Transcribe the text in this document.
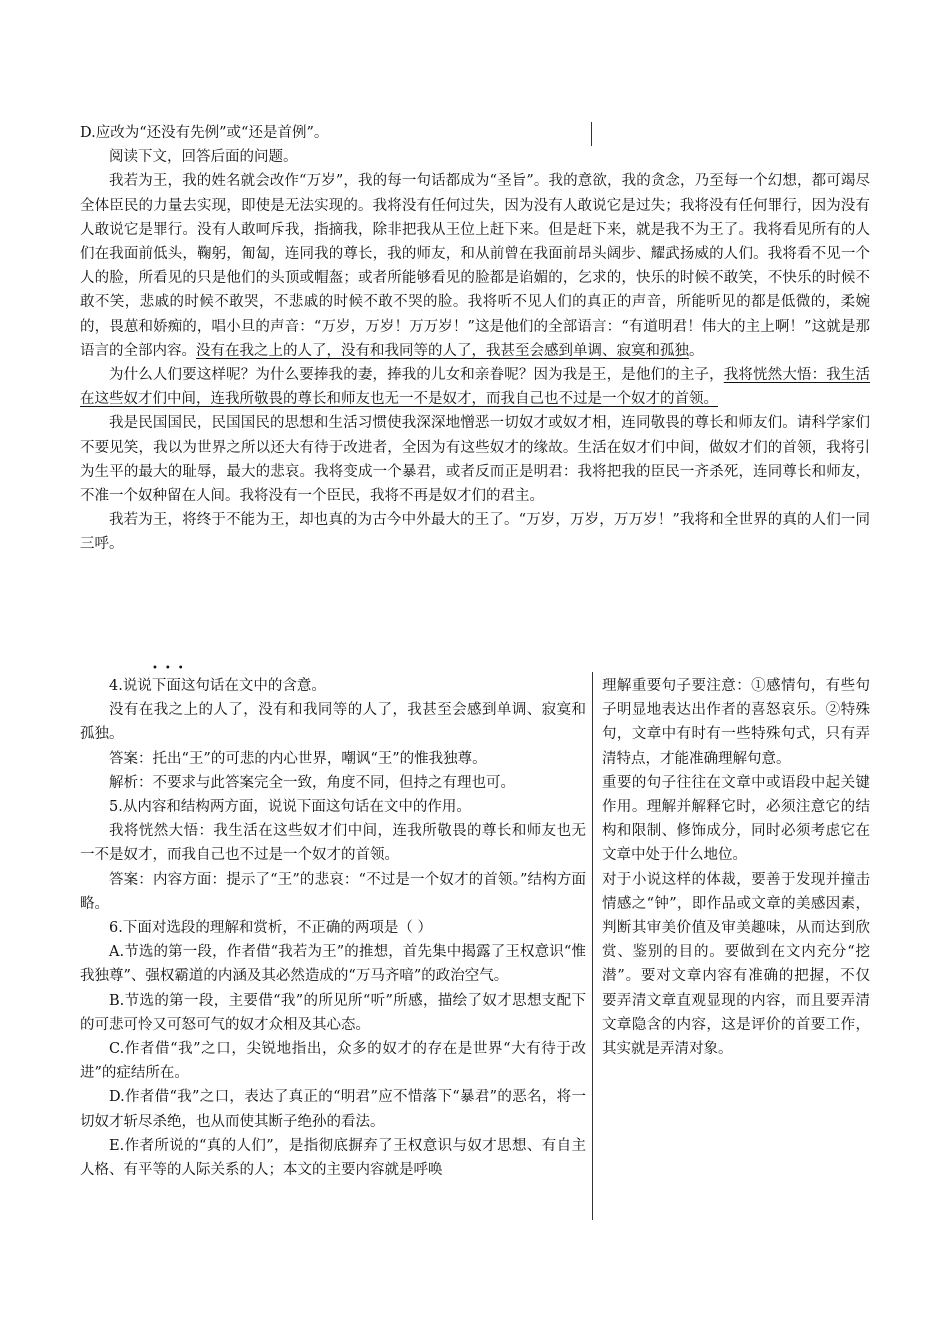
D.应改为“还没有先例”或“还是首例”。

阅读下文，回答后面的问题。

我若为王，我的姓名就会改作“万岁”，我的每一句话都成为“圣旨”。我的意欲，我的贪念，乃至每一个幻想，都可竭尽全体臣民的力量去实现，即使是无法实现的。我将没有任何过失，因为没有人敢说它是过失；我将没有任何罪行，因为没有人敢说它是罪行。没有人敢呵斥我，指摘我，除非把我从王位上赶下来。但是赶下来，就是我不为王了。我将看见所有的人们在我面前低头，鞠躬，匍匐，连同我的尊长，我的师友，和从前曾在我面前昂头阔步、耀武扬威的人们。我将看不见一个人的脸，所看见的只是他们的头顶或帽盔；或者所能够看见的脸都是谄媚的，乞求的，快乐的时候不敢笑，不快乐的时候不敢不笑，悲戚的时候不敢哭，不悲戚的时候不敢不哭的脸。我将听不见人们的真正的声音，所能听见的都是低微的，柔婉的，畏葸和娇痴的，唱小旦的声音：“万岁，万岁！万万岁！”这是他们的全部语言：“有道明君！伟大的主上啊！”这就是那语言的全部内容。没有在我之上的人了，没有和我同等的人了，我甚至会感到单调、寂寞和孤独。

为什么人们要这样呢？为什么要捧我的妻，捧我的儿女和亲眷呢？因为我是王，是他们的主子，我将恍然大悟：我生活在这些奴才们中间，连我所敬畏的尊长和师友也无一不是奴才，而我自己也不过是一个奴才的首领。

我是民国国民，民国国民的思想和生活习惯使我深深地憎恶一切奴才或奴才相，连同敬畏的尊长和师友们。请科学家们不要见笑，我以为世界之所以还大有待于改进者，全因为有这些奴才的缘故。生活在奴才们中间，做奴才们的首领，我将引为生平的最大的耻辱，最大的悲哀。我将变成一个暴君，或者反而正是明君：我将把我的臣民一齐杀死，连同尊长和师友，不准一个奴种留在人间。我将没有一个臣民，我将不再是奴才们的君主。

我若为王，将终于不能为王，却也真的为古今中外最大的王了。“万岁，万岁，万万岁！”我将和全世界的真的人们一同三呼。

•••

4.说说下面这句话在文中的含意。

没有在我之上的人了，没有和我同等的人了，我甚至会感到单调、寂寞和孤独。

答案：托出“王”的可悲的内心世界，嘲讽“王”的惟我独尊。

解析：不要求与此答案完全一致，角度不同，但持之有理也可。

5.从内容和结构两方面，说说下面这句话在文中的作用。

我将恍然大悟：我生活在这些奴才们中间，连我所敬畏的尊长和师友也无一不是奴才，而我自己也不过是一个奴才的首领。

答案：内容方面：提示了“王”的悲哀：“不过是一个奴才的首领。”结构方面略。

6.下面对选段的理解和赏析，不正确的两项是（ ）

A.节选的第一段，作者借“我若为王”的推想，首先集中揭露了王权意识“惟我独尊”、强权霸道的内涵及其必然造成的“万马齐喑”的政治空气。

B.节选的第一段，主要借“我”的所见所“听”所感，描绘了奴才思想支配下的可悲可怜又可怒可气的奴才众相及其心态。

C.作者借“我”之口，尖锐地指出，众多的奴才的存在是世界“大有待于改进”的症结所在。

D.作者借“我”之口，表达了真正的“明君”应不惜落下“暴君”的恶名，将一切奴才斩尽杀绝，也从而使其断子绝孙的看法。

E.作者所说的“真的人们”，是指彻底摒弃了王权意识与奴才思想、有自主人格、有平等的人际关系的人；本文的主要内容就是呼唤

理解重要句子要注意：①感情句，有些句子明显地表达出作者的喜怒哀乐。②特殊句，文章中有时有一些特殊句式，只有弄清特点，才能准确理解句意。

重要的句子往往在文章中或语段中起关键作用。理解并解释它时，必须注意它的结构和限制、修饰成分，同时必须考虑它在文章中处于什么地位。

对于小说这样的体裁，要善于发现并撞击情感之“钟”，即作品或文章的美感因素，判断其审美价值及审美趣味，从而达到欣赏、鉴别的目的。要做到在文内充分“挖潜”。要对文章内容有准确的把握，不仅要弄清文章直观显现的内容，而且要弄清文章隐含的内容，这是评价的首要工作，其实就是弄清对象。
